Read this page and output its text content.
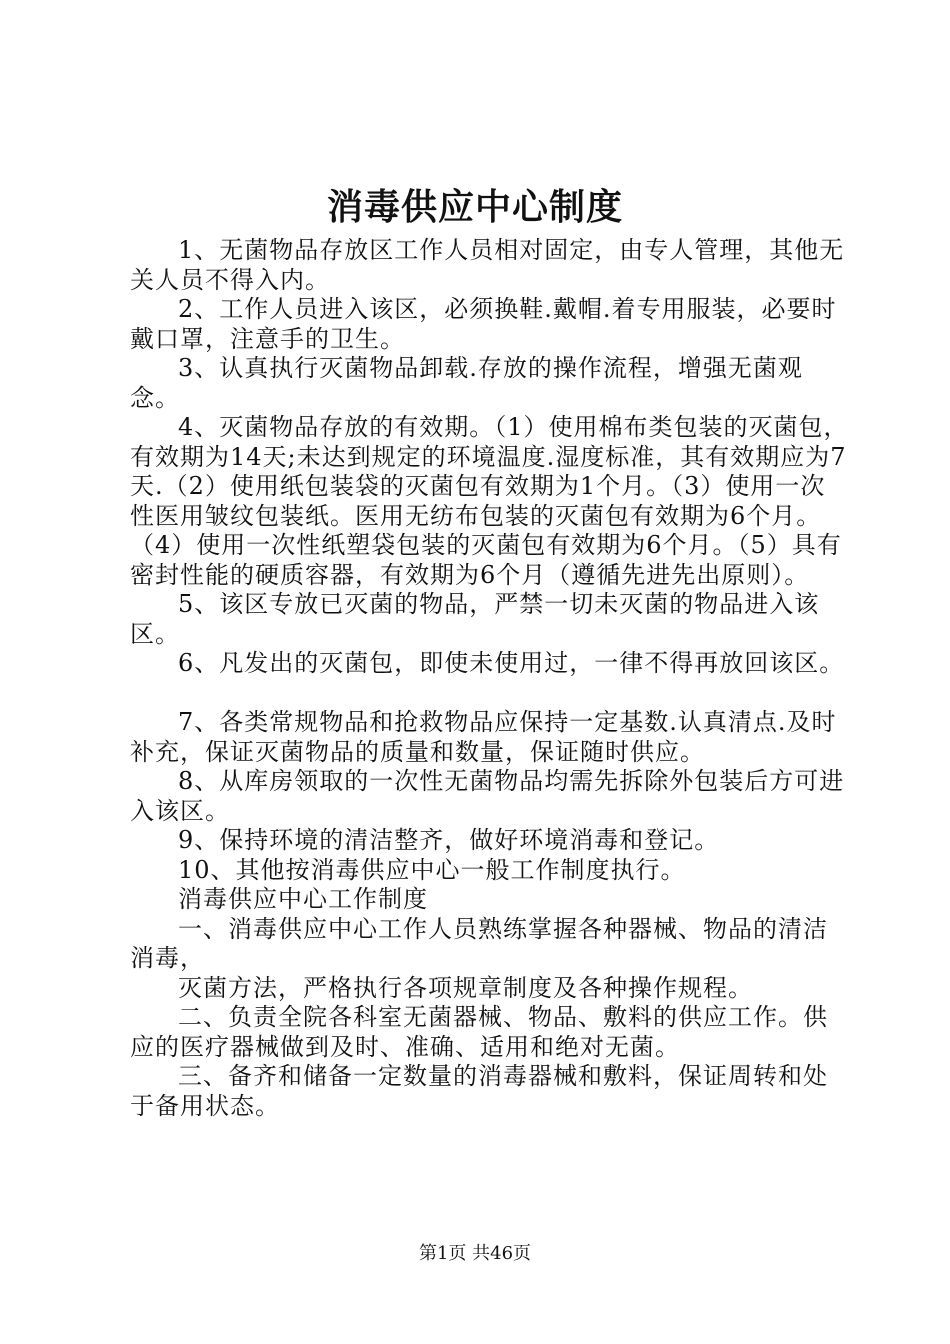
消毒供应中心制度

1、无菌物品存放区工作人员相对固定，由专人管理，其他无关人员不得入内。

2、工作人员进入该区，必须换鞋.戴帽.着专用服装，必要时戴口罩，注意手的卫生。

3、认真执行灭菌物品卸载.存放的操作流程，增强无菌观念。

4、灭菌物品存放的有效期。（1）使用棉布类包装的灭菌包，有效期为14天;未达到规定的环境温度.湿度标准，其有效期应为7天.（2）使用纸包装袋的灭菌包有效期为1个月。（3）使用一次性医用皱纹包装纸。医用无纺布包装的灭菌包有效期为6个月。（4）使用一次性纸塑袋包装的灭菌包有效期为6个月。（5）具有密封性能的硬质容器，有效期为6个月（遵循先进先出原则）。

5、该区专放已灭菌的物品，严禁一切未灭菌的物品进入该区。

6、凡发出的灭菌包，即使未使用过，一律不得再放回该区。

7、各类常规物品和抢救物品应保持一定基数.认真清点.及时补充，保证灭菌物品的质量和数量，保证随时供应。

8、从库房领取的一次性无菌物品均需先拆除外包装后方可进入该区。

9、保持环境的清洁整齐，做好环境消毒和登记。

10、其他按消毒供应中心一般工作制度执行。

消毒供应中心工作制度

一、消毒供应中心工作人员熟练掌握各种器械、物品的清洁消毒，

灭菌方法，严格执行各项规章制度及各种操作规程。

二、负责全院各科室无菌器械、物品、敷料的供应工作。供应的医疗器械做到及时、准确、适用和绝对无菌。

三、备齐和储备一定数量的消毒器械和敷料，保证周转和处于备用状态。

第1页 共46页
